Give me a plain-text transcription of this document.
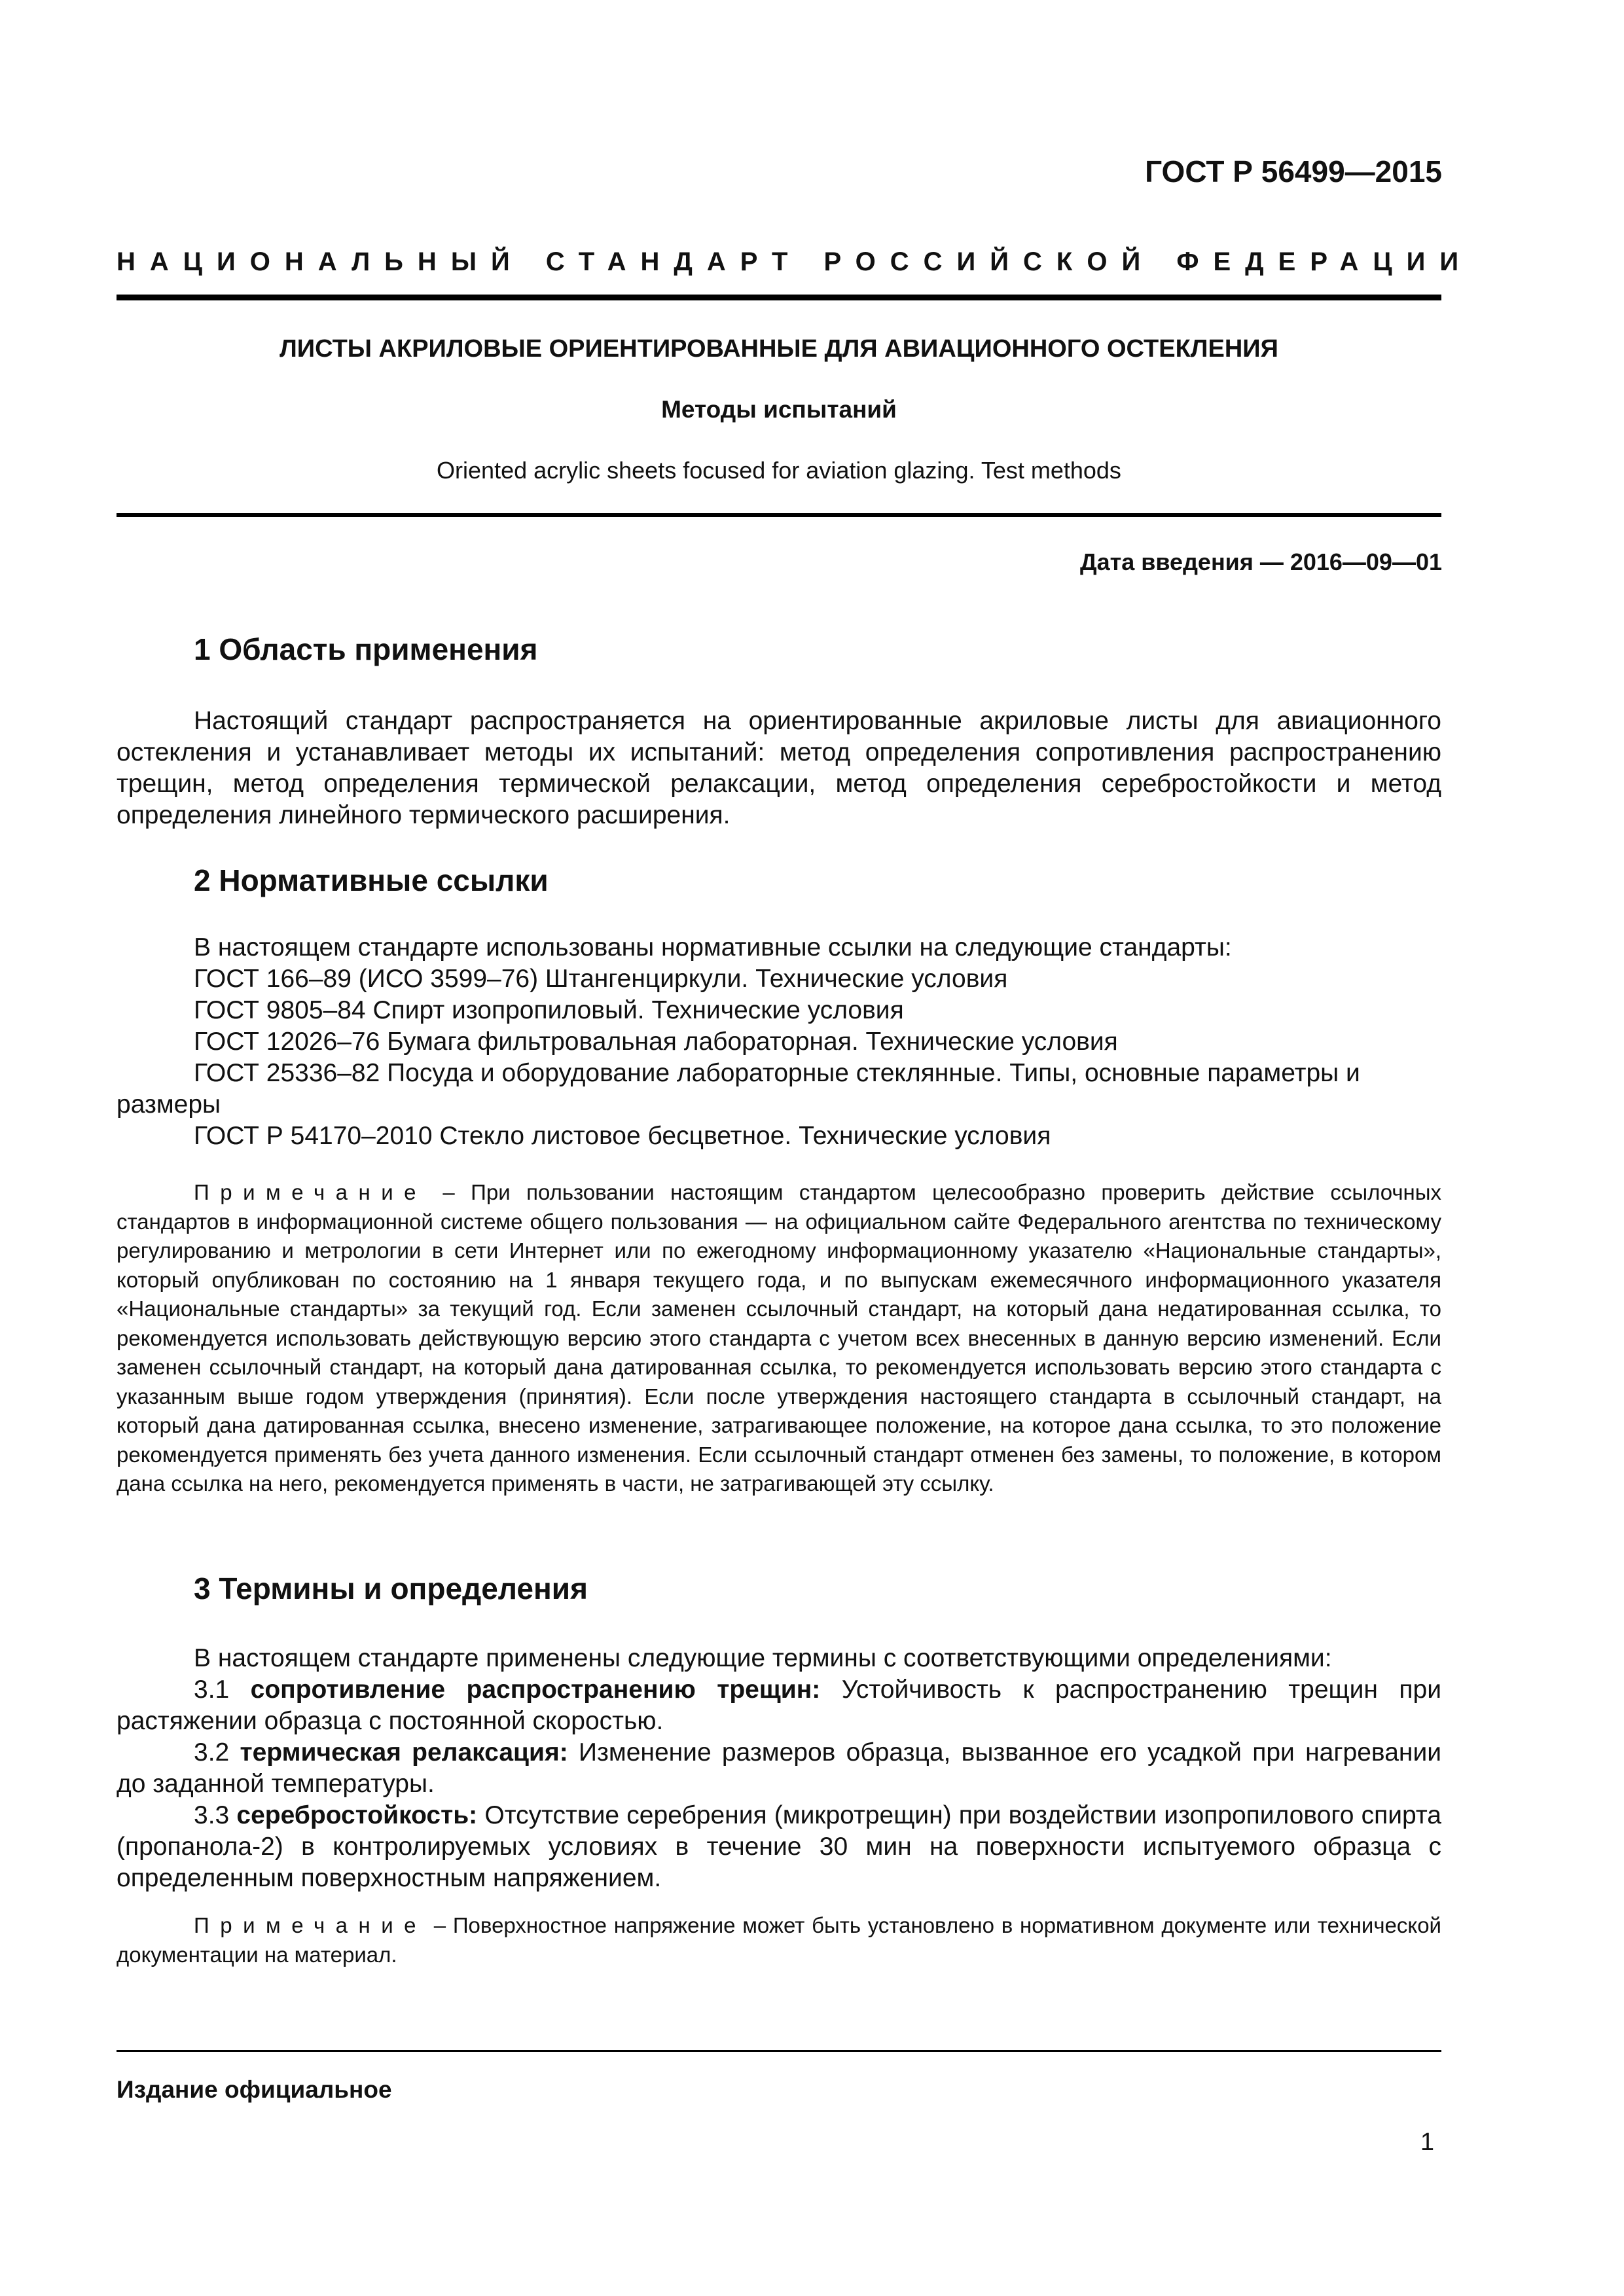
ГОСТ Р 56499—2015
НАЦИОНАЛЬНЫЙ СТАНДАРТ РОССИЙСКОЙ ФЕДЕРАЦИИ
ЛИСТЫ АКРИЛОВЫЕ ОРИЕНТИРОВАННЫЕ ДЛЯ АВИАЦИОННОГО ОСТЕКЛЕНИЯ
Методы испытаний
Oriented acrylic sheets focused for aviation glazing. Test methods
Дата введения — 2016—09—01
1 Область применения

Настоящий стандарт распространяется на ориентированные акриловые листы для авиационного остекления и устанавливает методы их испытаний: метод определения сопротивления распространению трещин, метод определения термической релаксации, метод определения серебростойкости и метод определения линейного термического расширения.

2 Нормативные ссылки
В настоящем стандарте использованы нормативные ссылки на следующие стандарты:
ГОСТ 166–89 (ИСО 3599–76) Штангенциркули. Технические условия
ГОСТ 9805–84 Спирт изопропиловый. Технические условия
ГОСТ 12026–76 Бумага фильтровальная лабораторная. Технические условия
ГОСТ 25336–82 Посуда и оборудование лабораторные стеклянные. Типы, основные параметры и размеры
ГОСТ Р 54170–2010 Стекло листовое бесцветное. Технические условия

Примечание – При пользовании настоящим стандартом целесообразно проверить действие ссылочных стандартов в информационной системе общего пользования — на официальном сайте Федерального агентства по техническому регулированию и метрологии в сети Интернет или по ежегодному информационному указателю «Национальные стандарты», который опубликован по состоянию на 1 января текущего года, и по выпускам ежемесячного информационного указателя «Национальные стандарты» за текущий год. Если заменен ссылочный стандарт, на который дана недатированная ссылка, то рекомендуется использовать действующую версию этого стандарта с учетом всех внесенных в данную версию изменений. Если заменен ссылочный стандарт, на который дана датированная ссылка, то рекомендуется использовать версию этого стандарта с указанным выше годом утверждения (принятия). Если после утверждения настоящего стандарта в ссылочный стандарт, на который дана датированная ссылка, внесено изменение, затрагивающее положение, на которое дана ссылка, то это положение рекомендуется применять без учета данного изменения. Если ссылочный стандарт отменен без замены, то положение, в котором дана ссылка на него, рекомендуется применять в части, не затрагивающей эту ссылку.

3 Термины и определения

В настоящем стандарте применены следующие термины с соответствующими определениями:

3.1 сопротивление распространению трещин: Устойчивость к распространению трещин при растяжении образца с постоянной скоростью.

3.2 термическая релаксация: Изменение размеров образца, вызванное его усадкой при нагревании до заданной температуры.

3.3 серебростойкость: Отсутствие серебрения (микротрещин) при воздействии изопропилового спирта (пропанола-2) в контролируемых условиях в течение 30 мин на поверхности испытуемого образца с определенным поверхностным напряжением.

Примечание – Поверхностное напряжение может быть установлено в нормативном документе или технической документации на материал.

Издание официальное
1
